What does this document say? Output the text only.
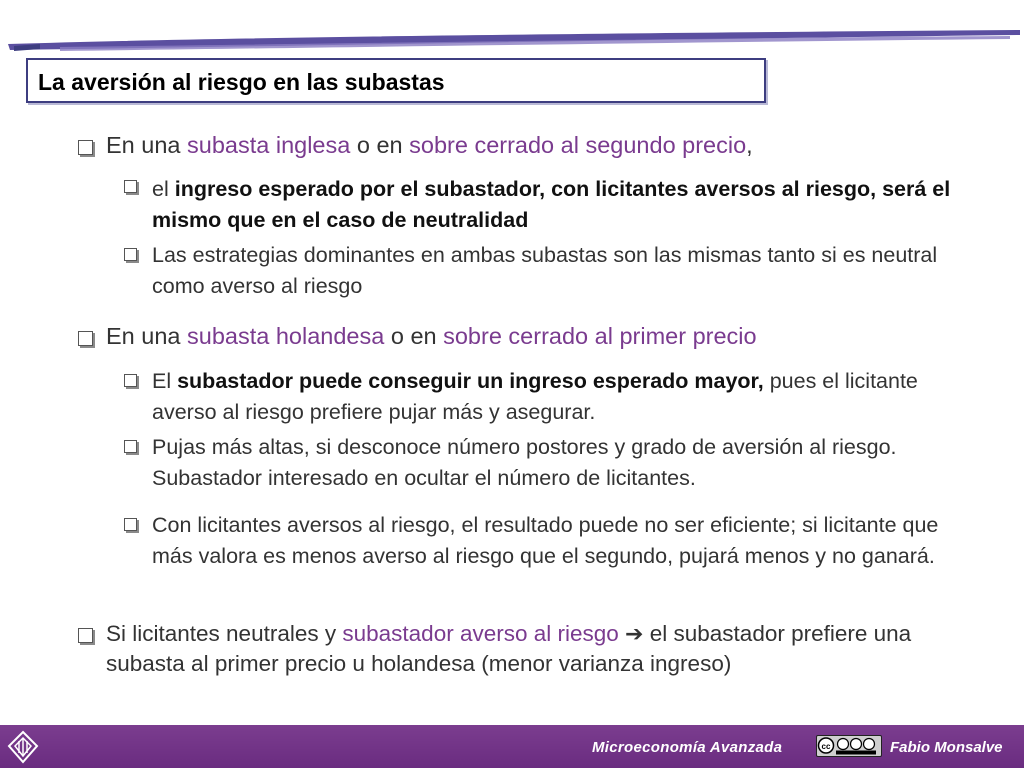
La aversión al riesgo en las subastas
En una subasta inglesa o en sobre cerrado al segundo precio,
el ingreso esperado por el subastador, con licitantes aversos al riesgo, será el mismo que en el caso de neutralidad
Las estrategias dominantes en ambas subastas son las mismas tanto si es neutral como averso al riesgo
En una subasta holandesa o en sobre cerrado al primer precio
El subastador puede conseguir un ingreso esperado mayor, pues el licitante averso al riesgo prefiere pujar más y asegurar.
Pujas más altas, si desconoce número postores y grado de aversión al riesgo. Subastador interesado en ocultar el número de licitantes.
Con licitantes aversos al riesgo, el resultado puede no ser eficiente; si licitante que más valora es menos averso al riesgo que el segundo, pujará menos y no ganará.
Si licitantes neutrales y subastador averso al riesgo ➔ el subastador prefiere una subasta al primer precio u holandesa (menor varianza ingreso)
Microeconomía Avanzada	cc	Fabio Monsalve
